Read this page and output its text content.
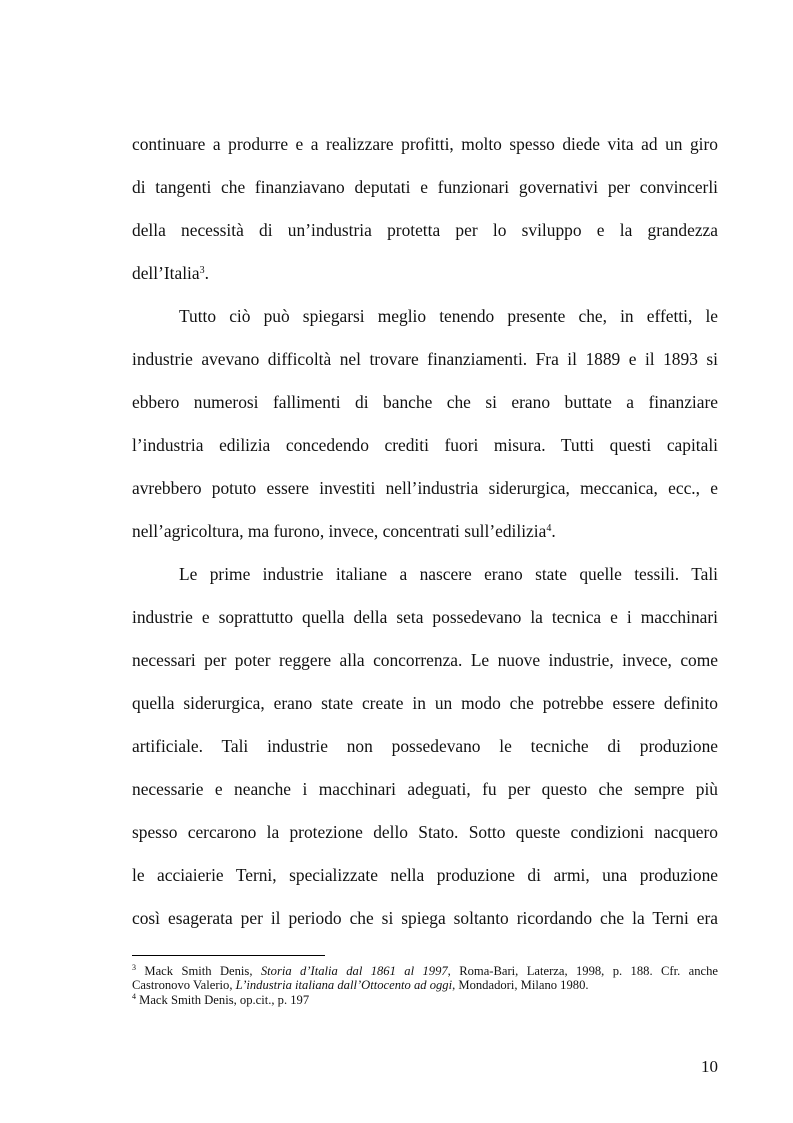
continuare a produrre e a realizzare profitti, molto spesso diede vita ad un giro
di tangenti che finanziavano deputati e funzionari governativi per convincerli
della necessità di un’industria protetta per lo sviluppo e la grandezza
dell’Italia$^3$.
Tutto ciò può spiegarsi meglio tenendo presente che, in effetti, le
industrie avevano difficoltà nel trovare finanziamenti. Fra il 1889 e il 1893 si
ebbero numerosi fallimenti di banche che si erano buttate a finanziare
l’industria edilizia concedendo crediti fuori misura. Tutti questi capitali
avrebbero potuto essere investiti nell’industria siderurgica, meccanica, ecc., e
nell’agricoltura, ma furono, invece, concentrati sull’edilizia$^4$.
Le prime industrie italiane a nascere erano state quelle tessili. Tali
industrie e soprattutto quella della seta possedevano la tecnica e i macchinari
necessari per poter reggere alla concorrenza. Le nuove industrie, invece, come
quella siderurgica, erano state create in un modo che potrebbe essere definito
artificiale. Tali industrie non possedevano le tecniche di produzione
necessarie e neanche i macchinari adeguati, fu per questo che sempre più
spesso cercarono la protezione dello Stato. Sotto queste condizioni nacquero
le acciaierie Terni, specializzate nella produzione di armi, una produzione
così esagerata per il periodo che si spiega soltanto ricordando che la Terni era
$^3$ Mack Smith Denis, Storia d’Italia dal 1861 al 1997, Roma-Bari, Laterza, 1998, p. 188. Cfr. anche
Castronovo Valerio, L’industria italiana dall’Ottocento ad oggi, Mondadori, Milano 1980.
$^4$ Mack Smith Denis, op.cit., p. 197
10
